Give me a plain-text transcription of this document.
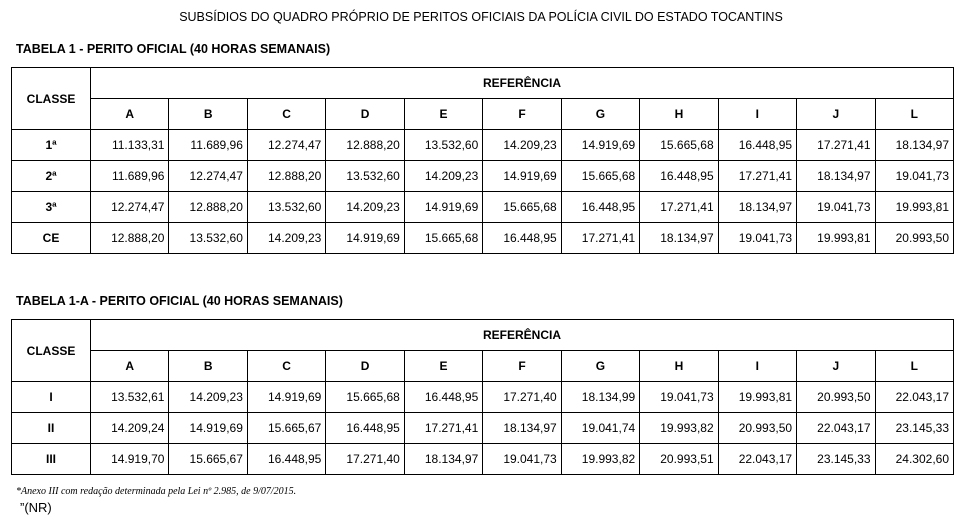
SUBSÍDIOS DO QUADRO PRÓPRIO DE PERITOS OFICIAIS DA POLÍCIA CIVIL DO ESTADO TOCANTINS
TABELA 1 - PERITO OFICIAL (40 HORAS SEMANAIS)
CLASSE	REFERÊNCIA										
	A	B	C	D	E	F	G	H	I	J	L
1ª	11.133,31	11.689,96	12.274,47	12.888,20	13.532,60	14.209,23	14.919,69	15.665,68	16.448,95	17.271,41	18.134,97
2ª	11.689,96	12.274,47	12.888,20	13.532,60	14.209,23	14.919,69	15.665,68	16.448,95	17.271,41	18.134,97	19.041,73
3ª	12.274,47	12.888,20	13.532,60	14.209,23	14.919,69	15.665,68	16.448,95	17.271,41	18.134,97	19.041,73	19.993,81
CE	12.888,20	13.532,60	14.209,23	14.919,69	15.665,68	16.448,95	17.271,41	18.134,97	19.041,73	19.993,81	20.993,50
TABELA 1-A - PERITO OFICIAL (40 HORAS SEMANAIS)
CLASSE	REFERÊNCIA										
	A	B	C	D	E	F	G	H	I	J	L
I	13.532,61	14.209,23	14.919,69	15.665,68	16.448,95	17.271,40	18.134,99	19.041,73	19.993,81	20.993,50	22.043,17
II	14.209,24	14.919,69	15.665,67	16.448,95	17.271,41	18.134,97	19.041,74	19.993,82	20.993,50	22.043,17	23.145,33
III	14.919,70	15.665,67	16.448,95	17.271,40	18.134,97	19.041,73	19.993,82	20.993,51	22.043,17	23.145,33	24.302,60
*Anexo III com redação determinada pela Lei nº 2.985, de 9/07/2015.
”(NR)
